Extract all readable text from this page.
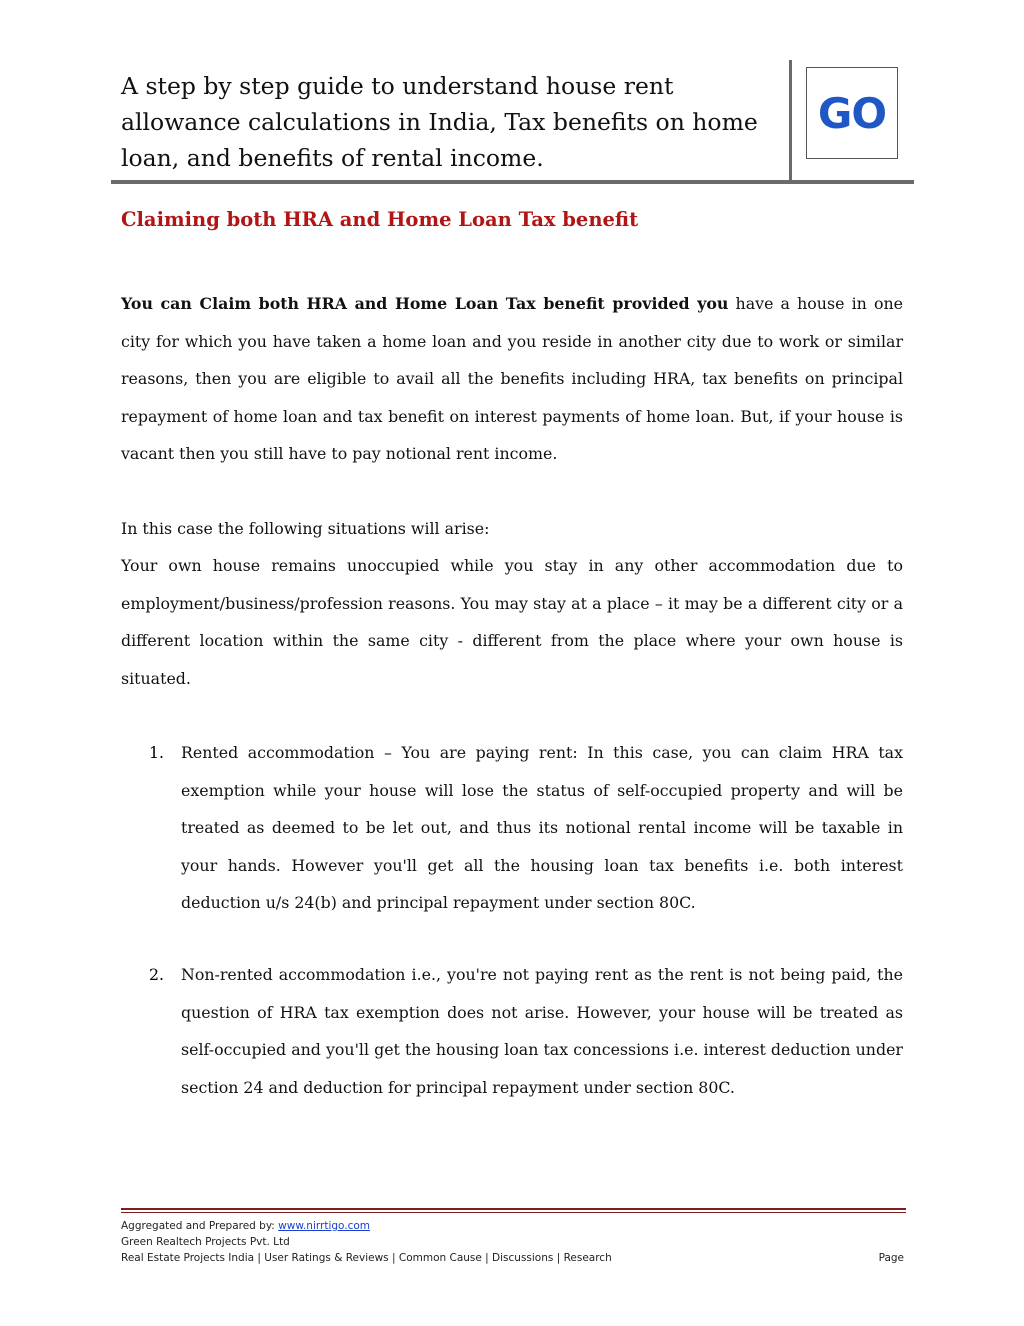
A step by step guide to understand house rent allowance calculations in India, Tax benefits on home loan, and benefits of rental income.
GO
Claiming both HRA and Home Loan Tax benefit
You can Claim both HRA and Home Loan Tax benefit provided you have a house in one city for which you have taken a home loan and you reside in another city due to work or similar reasons, then you are eligible to avail all the benefits including HRA, tax benefits on principal repayment of home loan and tax benefit on interest payments of home loan. But, if your house is vacant then you still have to pay notional rent income.
In this case the following situations will arise:
Your own house remains unoccupied while you stay in any other accommodation due to employment/business/profession reasons. You may stay at a place – it may be a different city or a different location within the same city - different from the place where your own house is situated.
1. Rented accommodation – You are paying rent: In this case, you can claim HRA tax exemption while your house will lose the status of self-occupied property and will be treated as deemed to be let out, and thus its notional rental income will be taxable in your hands. However you'll get all the housing loan tax benefits i.e. both interest deduction u/s 24(b) and principal repayment under section 80C.
2. Non-rented accommodation i.e., you're not paying rent as the rent is not being paid, the question of HRA tax exemption does not arise. However, your house will be treated as self-occupied and you'll get the housing loan tax concessions i.e. interest deduction under section 24 and deduction for principal repayment under section 80C.
Aggregated and Prepared by: www.nirrtigo.com
Green Realtech Projects Pvt. Ltd
Real Estate Projects India | User Ratings & Reviews | Common Cause | Discussions | Research	Page
